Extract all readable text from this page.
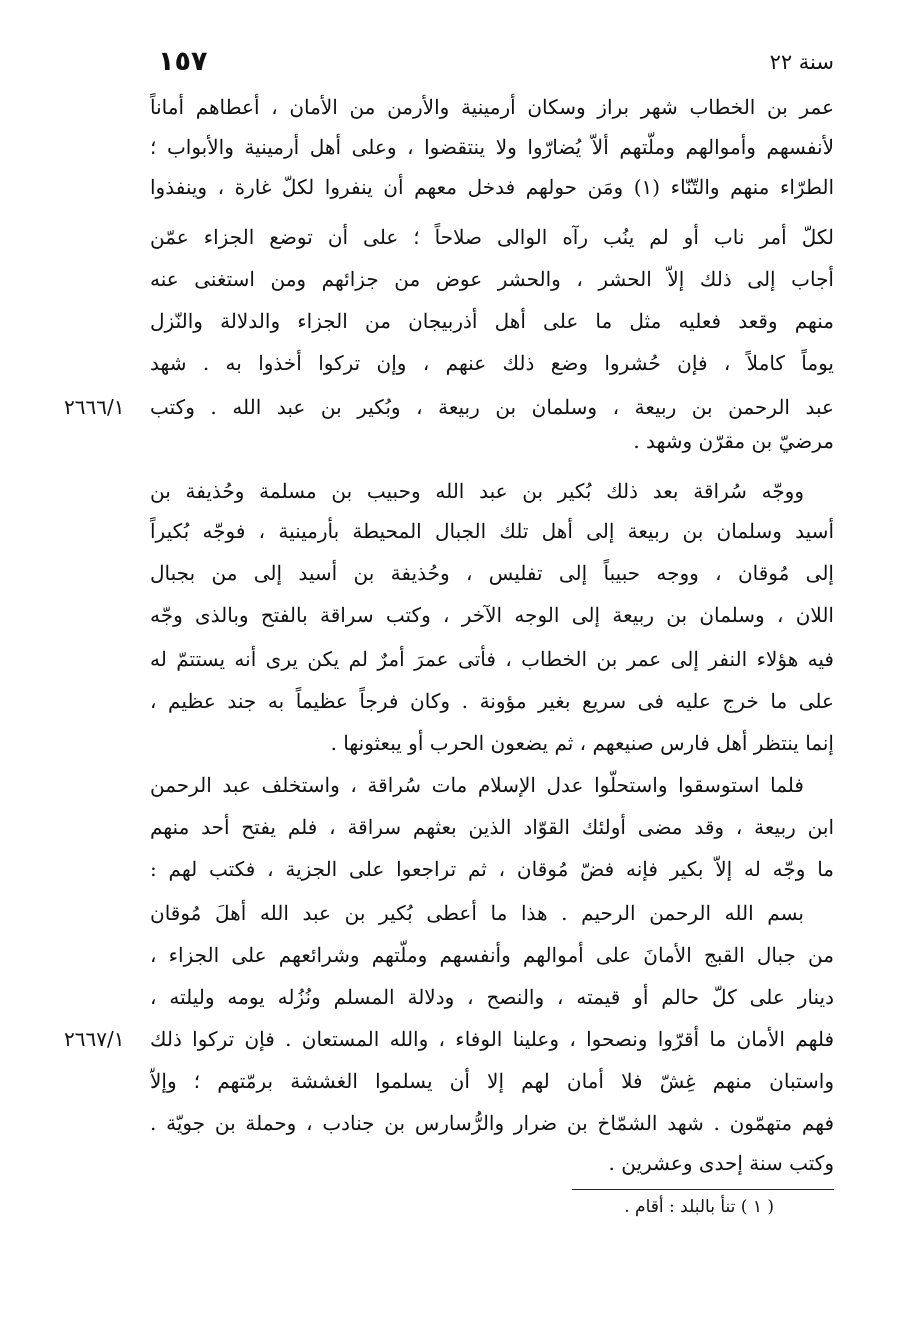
١٥٧	سنة ٢٢
عمر بن الخطاب شهر براز وسكان أرمينية والأرمن من الأمان ، أعطاهم أماناً
لأنفسهم وأموالهم وملّتهم ألاّ يُضارّوا ولا ينتقضوا ، وعلى أهل أرمينية والأبواب ؛
الطرّاء منهم والتّنّاء (١) ومَن حولهم فدخل معهم أن ينفروا لكلّ غارة ، وينفذوا
لكلّ أمر ناب أو لم ينُب رآه الوالى صلاحاً ؛ على أن توضع الجزاء عمّن
أجاب إلى ذلك إلاّ الحشر ، والحشر عوض من جزائهم ومن استغنى عنه
منهم وقعد فعليه مثل ما على أهل أذربيجان من الجزاء والدلالة والنّزل
يوماً كاملاً ، فإن حُشروا وضع ذلك عنهم ، وإن تركوا أخذوا به . شهد
عبد الرحمن بن ربيعة ، وسلمان بن ربيعة ، وبُكير بن عبد الله . وكتب
٢٦٦٦/١
مرضيّ بن مقرّن وشهد .
ووجّه سُراقة بعد ذلك بُكير بن عبد الله وحبيب بن مسلمة وحُذيفة بن
أسيد وسلمان بن ربيعة إلى أهل تلك الجبال المحيطة بأرمينية ، فوجّه بُكيراً
إلى مُوقان ، ووجه حبيباً إلى تفليس ، وحُذيفة بن أسيد إلى من بجبال
اللان ، وسلمان بن ربيعة إلى الوجه الآخر ، وكتب سراقة بالفتح وبالذى وجّه
فيه هؤلاء النفر إلى عمر بن الخطاب ، فأتى عمرَ أمرٌ لم يكن يرى أنه يستتمّ له
على ما خرج عليه فى سريع بغير مؤونة . وكان فرجاً عظيماً به جند عظيم ،
إنما ينتظر أهل فارس صنيعهم ، ثم يضعون الحرب أو يبعثونها .
فلما استوسقوا واستحلّوا عدل الإسلام مات سُراقة ، واستخلف عبد الرحمن
ابن ربيعة ، وقد مضى أولئك القوّاد الذين بعثهم سراقة ، فلم يفتح أحد منهم
ما وجّه له إلاّ بكير فإنه فضّ مُوقان ، ثم تراجعوا على الجزية ، فكتب لهم :
بسم الله الرحمن الرحيم . هذا ما أعطى بُكير بن عبد الله أهلَ مُوقان
من جبال القبج الأمانَ على أموالهم وأنفسهم وملّتهم وشرائعهم على الجزاء ،
دينار على كلّ حالم أو قيمته ، والنصح ، ودلالة المسلم ونُزُله يومه وليلته ،
فلهم الأمان ما أقرّوا ونصحوا ، وعلينا الوفاء ، والله المستعان . فإن تركوا ذلك
٢٦٦٧/١
واستبان منهم غِشّ فلا أمان لهم إلا أن يسلموا الغششة برمّتهم ؛ وإلاّ
فهم متهمّون . شهد الشمّاخ بن ضرار والرُّسارس بن جنادب ، وحملة بن جويّة .
وكتب سنة إحدى وعشرين .
( ١ ) تنأ بالبلد : أقام .
